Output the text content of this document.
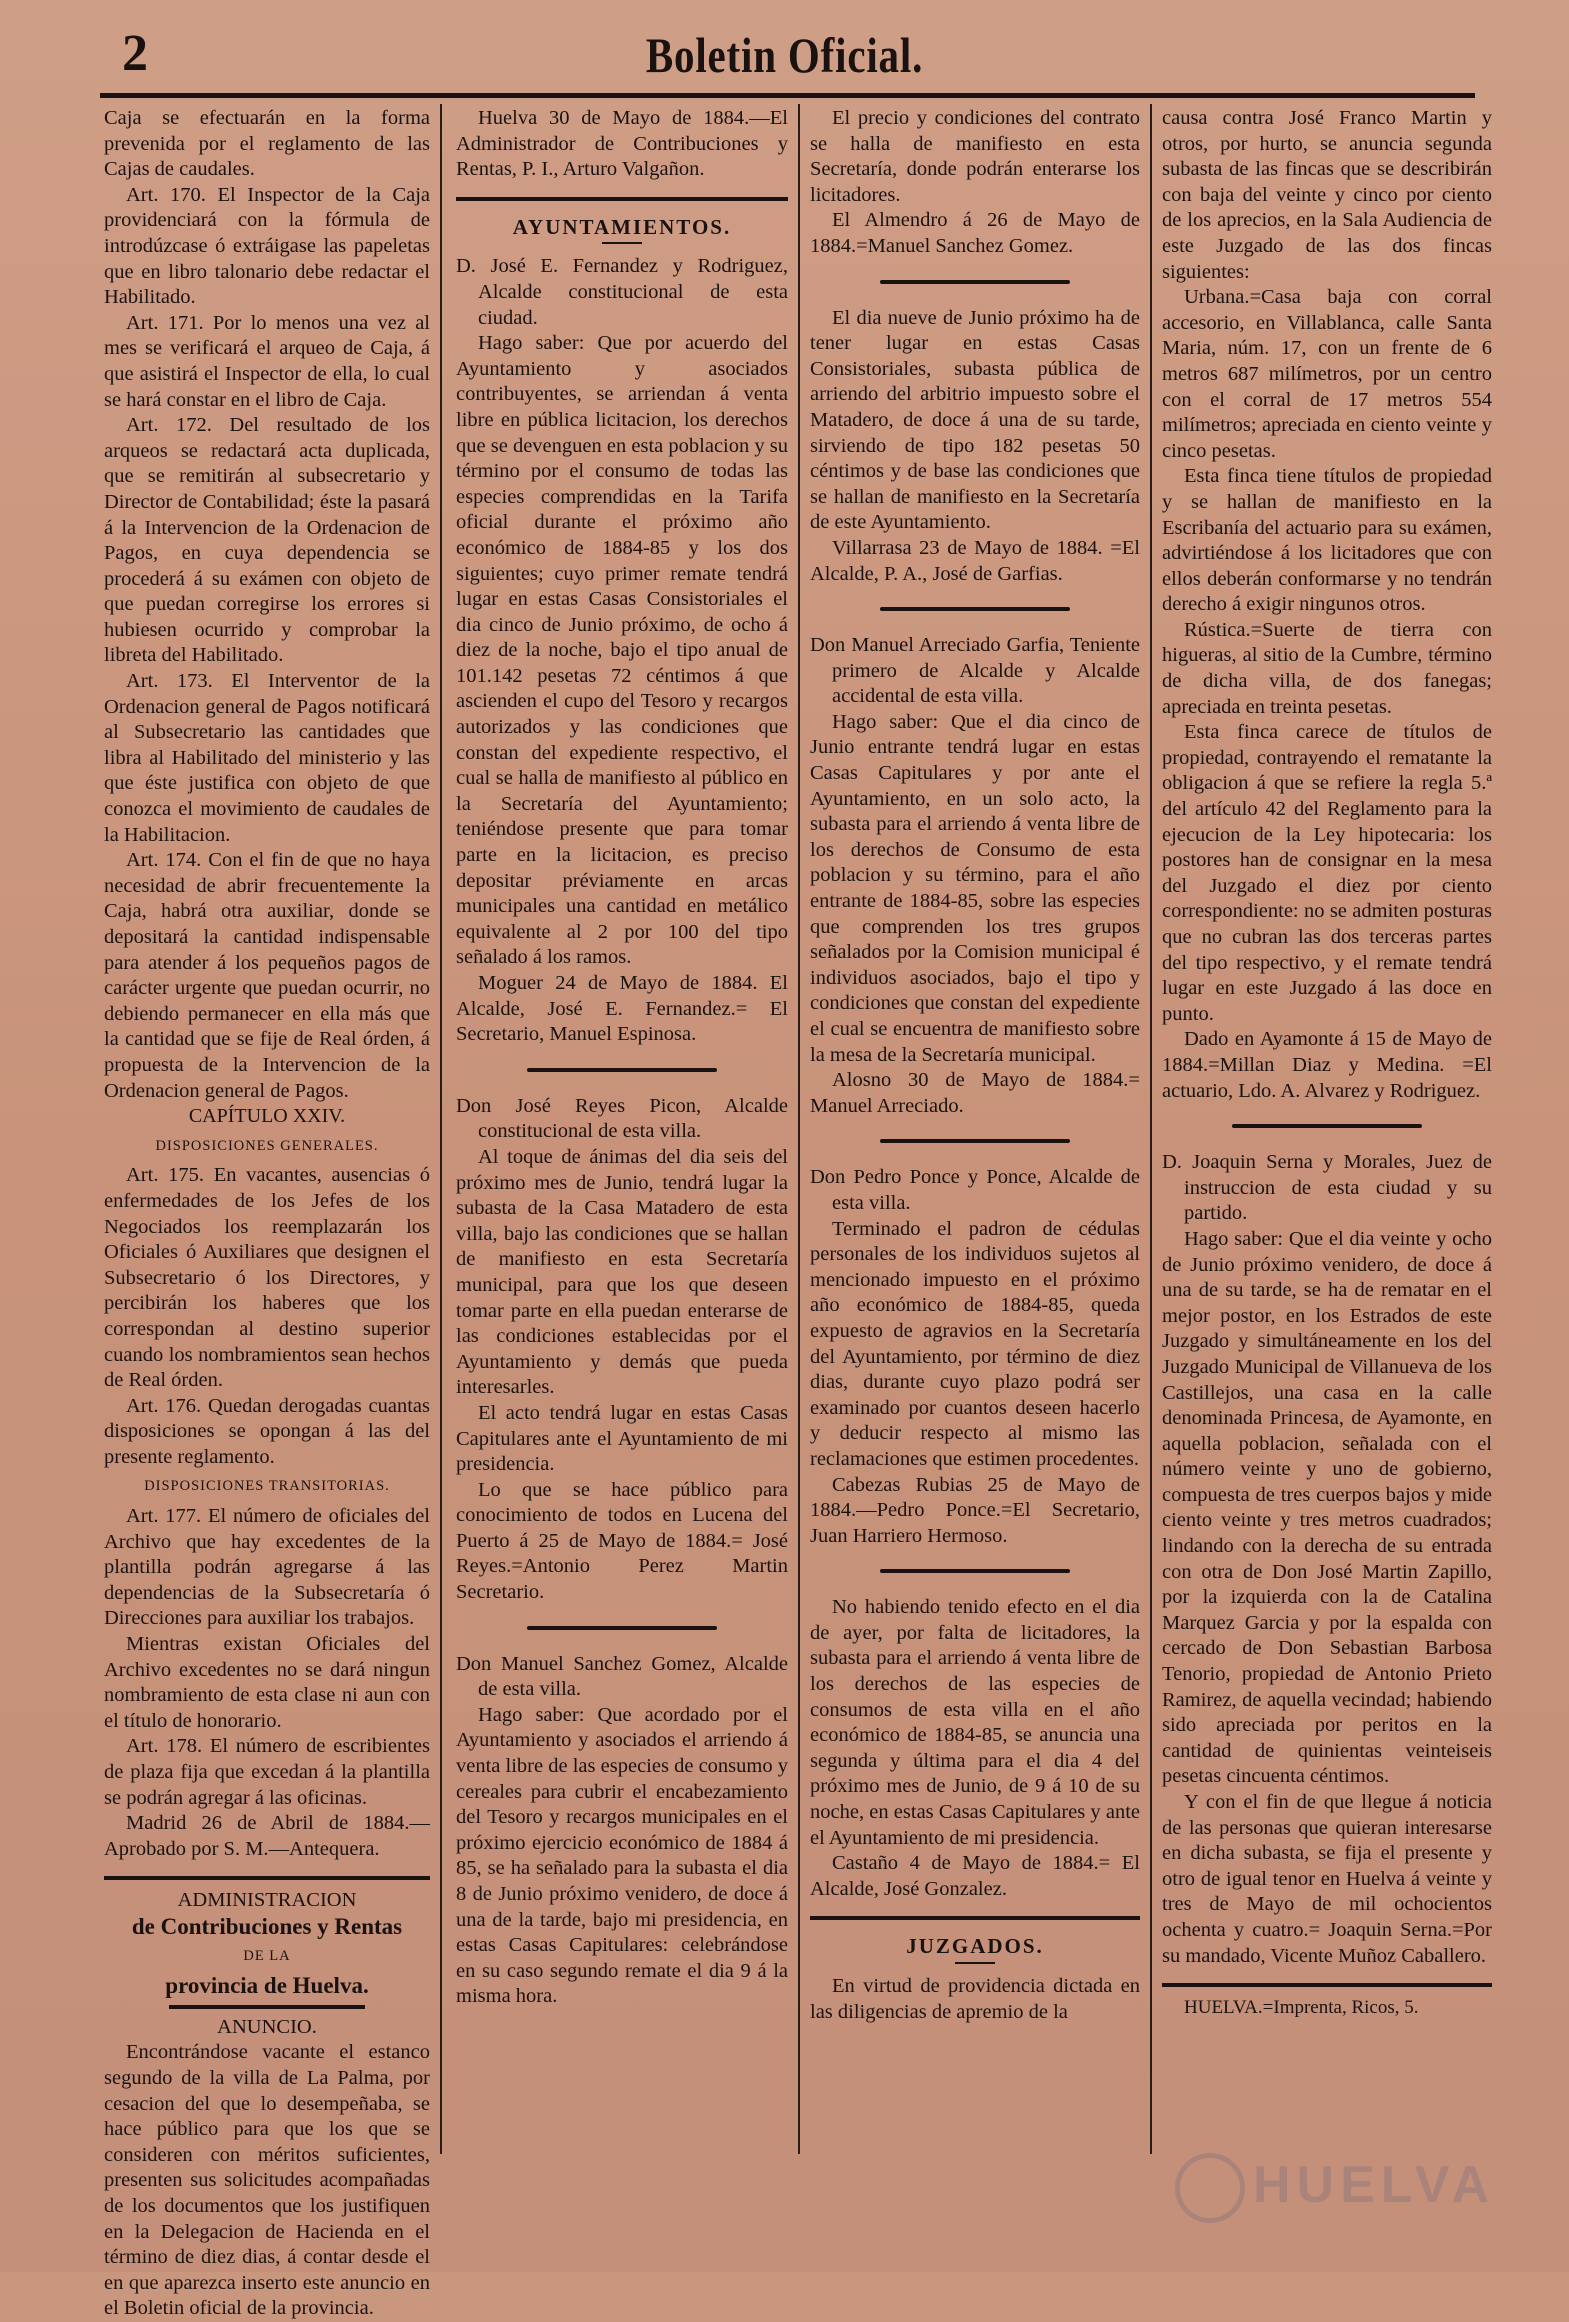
2	Boletin Oficial.

Caja se efectuarán en la forma prevenida por el reglamento de las Cajas de caudales.

Art. 170. El Inspector de la Caja providenciará con la fórmula de introdúzcase ó extráigase las papeletas que en libro talonario debe redactar el Habilitado.

Art. 171. Por lo menos una vez al mes se verificará el arqueo de Caja, á que asistirá el Inspector de ella, lo cual se hará constar en el libro de Caja.

Art. 172. Del resultado de los arqueos se redactará acta duplicada, que se remitirán al subsecretario y Director de Contabilidad; éste la pasará á la Intervencion de la Ordenacion de Pagos, en cuya dependencia se procederá á su exámen con objeto de que puedan corregirse los errores si hubiesen ocurrido y comprobar la libreta del Habilitado.

Art. 173. El Interventor de la Ordenacion general de Pagos notificará al Subsecretario las cantidades que libra al Habilitado del ministerio y las que éste justifica con objeto de que conozca el movimiento de caudales de la Habilitacion.

Art. 174. Con el fin de que no haya necesidad de abrir frecuentemente la Caja, habrá otra auxiliar, donde se depositará la cantidad indispensable para atender á los pequeños pagos de carácter urgente que puedan ocurrir, no debiendo permanecer en ella más que la cantidad que se fije de Real órden, á propuesta de la Intervencion de la Ordenacion general de Pagos.

CAPÍTULO XXIV.

DISPOSICIONES GENERALES.

Art. 175. En vacantes, ausencias ó enfermedades de los Jefes de los Negociados los reemplazarán los Oficiales ó Auxiliares que designen el Subsecretario ó los Directores, y percibirán los haberes que los correspondan al destino superior cuando los nombramientos sean hechos de Real órden.

Art. 176. Quedan derogadas cuantas disposiciones se opongan á las del presente reglamento.

DISPOSICIONES TRANSITORIAS.

Art. 177. El número de oficiales del Archivo que hay excedentes de la plantilla podrán agregarse á las dependencias de la Subsecretaría ó Direcciones para auxiliar los trabajos.

Mientras existan Oficiales del Archivo excedentes no se dará ningun nombramiento de esta clase ni aun con el título de honorario.

Art. 178. El número de escribientes de plaza fija que excedan á la plantilla se podrán agregar á las oficinas.

Madrid 26 de Abril de 1884.— Aprobado por S. M.—Antequera.

ADMINISTRACION

de Contribuciones y Rentas

DE LA

provincia de Huelva.

ANUNCIO.

Encontrándose vacante el estanco segundo de la villa de La Palma, por cesacion del que lo desempeñaba, se hace público para que los que se consideren con méritos suficientes, presenten sus solicitudes acompañadas de los documentos que los justifiquen en la Delegacion de Hacienda en el término de diez dias, á contar desde el en que aparezca inserto este anuncio en el Boletin oficial de la provincia.

Huelva 30 de Mayo de 1884.—El Administrador de Contribuciones y Rentas, P. I., Arturo Valgañon.

AYUNTAMIENTOS.

D. José E. Fernandez y Rodriguez, Alcalde constitucional de esta ciudad.

Hago saber: Que por acuerdo del Ayuntamiento y asociados contribuyentes, se arriendan á venta libre en pública licitacion, los derechos que se devenguen en esta poblacion y su término por el consumo de todas las especies comprendidas en la Tarifa oficial durante el próximo año económico de 1884-85 y los dos siguientes; cuyo primer remate tendrá lugar en estas Casas Consistoriales el dia cinco de Junio próximo, de ocho á diez de la noche, bajo el tipo anual de 101.142 pesetas 72 céntimos á que ascienden el cupo del Tesoro y recargos autorizados y las condiciones que constan del expediente respectivo, el cual se halla de manifiesto al público en la Secretaría del Ayuntamiento; teniéndose presente que para tomar parte en la licitacion, es preciso depositar préviamente en arcas municipales una cantidad en metálico equivalente al 2 por 100 del tipo señalado á los ramos.

Moguer 24 de Mayo de 1884. El Alcalde, José E. Fernandez.= El Secretario, Manuel Espinosa.

Don José Reyes Picon, Alcalde constitucional de esta villa.

Al toque de ánimas del dia seis del próximo mes de Junio, tendrá lugar la subasta de la Casa Matadero de esta villa, bajo las condiciones que se hallan de manifiesto en esta Secretaría municipal, para que los que deseen tomar parte en ella puedan enterarse de las condiciones establecidas por el Ayuntamiento y demás que pueda interesarles.

El acto tendrá lugar en estas Casas Capitulares ante el Ayuntamiento de mi presidencia.

Lo que se hace público para conocimiento de todos en Lucena del Puerto á 25 de Mayo de 1884.= José Reyes.=Antonio Perez Martin Secretario.

Don Manuel Sanchez Gomez, Alcalde de esta villa.

Hago saber: Que acordado por el Ayuntamiento y asociados el arriendo á venta libre de las especies de consumo y cereales para cubrir el encabezamiento del Tesoro y recargos municipales en el próximo ejercicio económico de 1884 á 85, se ha señalado para la subasta el dia 8 de Junio próximo venidero, de doce á una de la tarde, bajo mi presidencia, en estas Casas Capitulares: celebrándose en su caso segundo remate el dia 9 á la misma hora.

El precio y condiciones del contrato se halla de manifiesto en esta Secretaría, donde podrán enterarse los licitadores.

El Almendro á 26 de Mayo de 1884.=Manuel Sanchez Gomez.

El dia nueve de Junio próximo ha de tener lugar en estas Casas Consistoriales, subasta pública de arriendo del arbitrio impuesto sobre el Matadero, de doce á una de su tarde, sirviendo de tipo 182 pesetas 50 céntimos y de base las condiciones que se hallan de manifiesto en la Secretaría de este Ayuntamiento.

Villarrasa 23 de Mayo de 1884. =El Alcalde, P. A., José de Garfias.

Don Manuel Arreciado Garfia, Teniente primero de Alcalde y Alcalde accidental de esta villa.

Hago saber: Que el dia cinco de Junio entrante tendrá lugar en estas Casas Capitulares y por ante el Ayuntamiento, en un solo acto, la subasta para el arriendo á venta libre de los derechos de Consumo de esta poblacion y su término, para el año entrante de 1884-85, sobre las especies que comprenden los tres grupos señalados por la Comision municipal é individuos asociados, bajo el tipo y condiciones que constan del expediente el cual se encuentra de manifiesto sobre la mesa de la Secretaría municipal.

Alosno 30 de Mayo de 1884.= Manuel Arreciado.

Don Pedro Ponce y Ponce, Alcalde de esta villa.

Terminado el padron de cédulas personales de los individuos sujetos al mencionado impuesto en el próximo año económico de 1884-85, queda expuesto de agravios en la Secretaría del Ayuntamiento, por término de diez dias, durante cuyo plazo podrá ser examinado por cuantos deseen hacerlo y deducir respecto al mismo las reclamaciones que estimen procedentes.

Cabezas Rubias 25 de Mayo de 1884.—Pedro Ponce.=El Secretario, Juan Harriero Hermoso.

No habiendo tenido efecto en el dia de ayer, por falta de licitadores, la subasta para el arriendo á venta libre de los derechos de las especies de consumos de esta villa en el año económico de 1884-85, se anuncia una segunda y última para el dia 4 del próximo mes de Junio, de 9 á 10 de su noche, en estas Casas Capitulares y ante el Ayuntamiento de mi presidencia.

Castaño 4 de Mayo de 1884.= El Alcalde, José Gonzalez.

JUZGADOS.

En virtud de providencia dictada en las diligencias de apremio de la

causa contra José Franco Martin y otros, por hurto, se anuncia segunda subasta de las fincas que se describirán con baja del veinte y cinco por ciento de los aprecios, en la Sala Audiencia de este Juzgado de las dos fincas siguientes:

Urbana.=Casa baja con corral accesorio, en Villablanca, calle Santa Maria, núm. 17, con un frente de 6 metros 687 milímetros, por un centro con el corral de 17 metros 554 milímetros; apreciada en ciento veinte y cinco pesetas.

Esta finca tiene títulos de propiedad y se hallan de manifiesto en la Escribanía del actuario para su exámen, advirtiéndose á los licitadores que con ellos deberán conformarse y no tendrán derecho á exigir ningunos otros.

Rústica.=Suerte de tierra con higueras, al sitio de la Cumbre, término de dicha villa, de dos fanegas; apreciada en treinta pesetas.

Esta finca carece de títulos de propiedad, contrayendo el rematante la obligacion á que se refiere la regla 5.ª del artículo 42 del Reglamento para la ejecucion de la Ley hipotecaria: los postores han de consignar en la mesa del Juzgado el diez por ciento correspondiente: no se admiten posturas que no cubran las dos terceras partes del tipo respectivo, y el remate tendrá lugar en este Juzgado á las doce en punto.

Dado en Ayamonte á 15 de Mayo de 1884.=Millan Diaz y Medina. =El actuario, Ldo. A. Alvarez y Rodriguez.

D. Joaquin Serna y Morales, Juez de instruccion de esta ciudad y su partido.

Hago saber: Que el dia veinte y ocho de Junio próximo venidero, de doce á una de su tarde, se ha de rematar en el mejor postor, en los Estrados de este Juzgado y simultáneamente en los del Juzgado Municipal de Villanueva de los Castillejos, una casa en la calle denominada Princesa, de Ayamonte, en aquella poblacion, señalada con el número veinte y uno de gobierno, compuesta de tres cuerpos bajos y mide ciento veinte y tres metros cuadrados; lindando con la derecha de su entrada con otra de Don José Martin Zapillo, por la izquierda con la de Catalina Marquez Garcia y por la espalda con cercado de Don Sebastian Barbosa Tenorio, propiedad de Antonio Prieto Ramirez, de aquella vecindad; habiendo sido apreciada por peritos en la cantidad de quinientas veinteiseis pesetas cincuenta céntimos.

Y con el fin de que llegue á noticia de las personas que quieran interesarse en dicha subasta, se fija el presente y otro de igual tenor en Huelva á veinte y tres de Mayo de mil ochocientos ochenta y cuatro.= Joaquin Serna.=Por su mandado, Vicente Muñoz Caballero.

HUELVA.=Imprenta, Ricos, 5.

HUELVA
